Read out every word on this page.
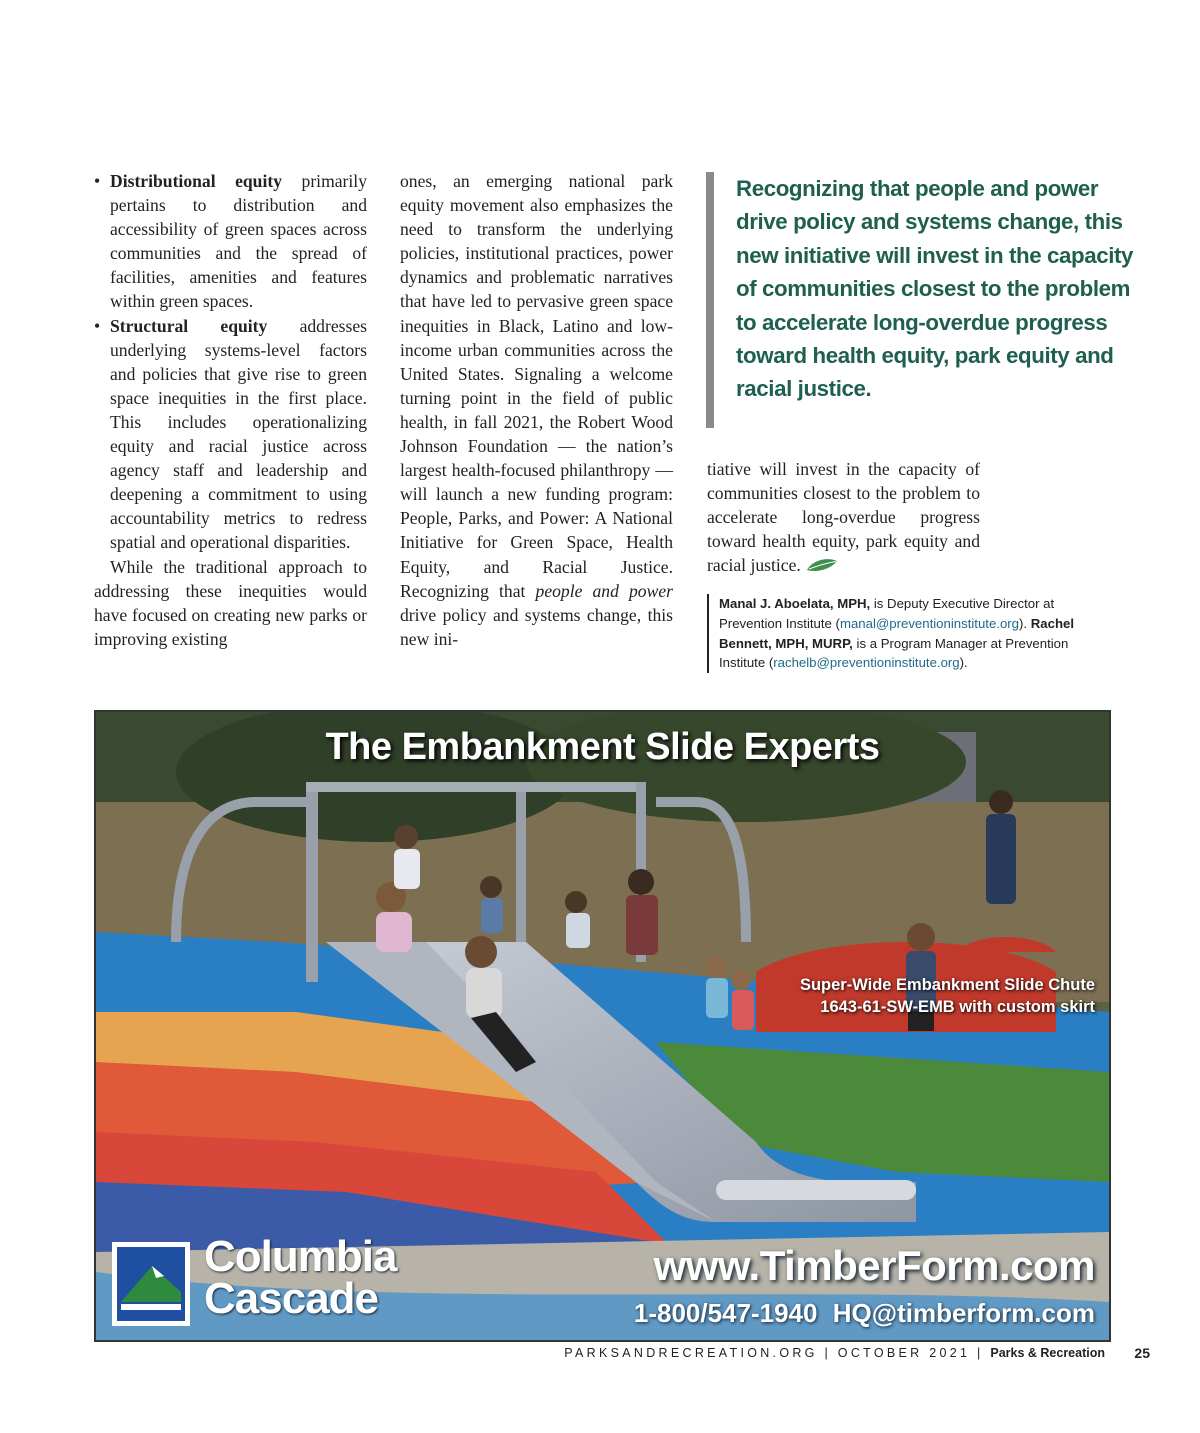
• Distributional equity primarily pertains to distribution and accessibility of green spaces across communities and the spread of facilities, amenities and features within green spaces.
• Structural equity addresses underlying systems-level factors and policies that give rise to green space inequities in the first place. This includes operationalizing equity and racial justice across agency staff and leadership and deepening a commitment to using accountability metrics to redress spatial and operational disparities.

While the traditional approach to addressing these inequities would have focused on creating new parks or improving existing

ones, an emerging national park equity movement also emphasizes the need to transform the underlying policies, institutional practices, power dynamics and problematic narratives that have led to pervasive green space inequities in Black, Latino and low-income urban communities across the United States. Signaling a welcome turning point in the field of public health, in fall 2021, the Robert Wood Johnson Foundation — the nation’s largest health-focused philanthropy — will launch a new funding program: People, Parks, and Power: A National Initiative for Green Space, Health Equity, and Racial Justice. Recognizing that people and power drive policy and systems change, this new ini-

Recognizing that people and power drive policy and systems change, this new initiative will invest in the capacity of communities closest to the problem to accelerate long-overdue progress toward health equity, park equity and racial justice.

tiative will invest in the capacity of communities closest to the problem to accelerate long-overdue progress toward health equity, park equity and racial justice.

Manal J. Aboelata, MPH, is Deputy Executive Director at Prevention Institute (manal@preventioninstitute.org). Rachel Bennett, MPH, MURP, is a Program Manager at Prevention Institute (rachelb@preventioninstitute.org).

The Embankment Slide Experts
Super-Wide Embankment Slide Chute
1643-61-SW-EMB with custom skirt
Columbia
Cascade
www.TimberForm.com
1-800/547-1940 HQ@timberform.com
PARKSANDRECREATION.ORG | OCTOBER 2021 | Parks & Recreation 25
